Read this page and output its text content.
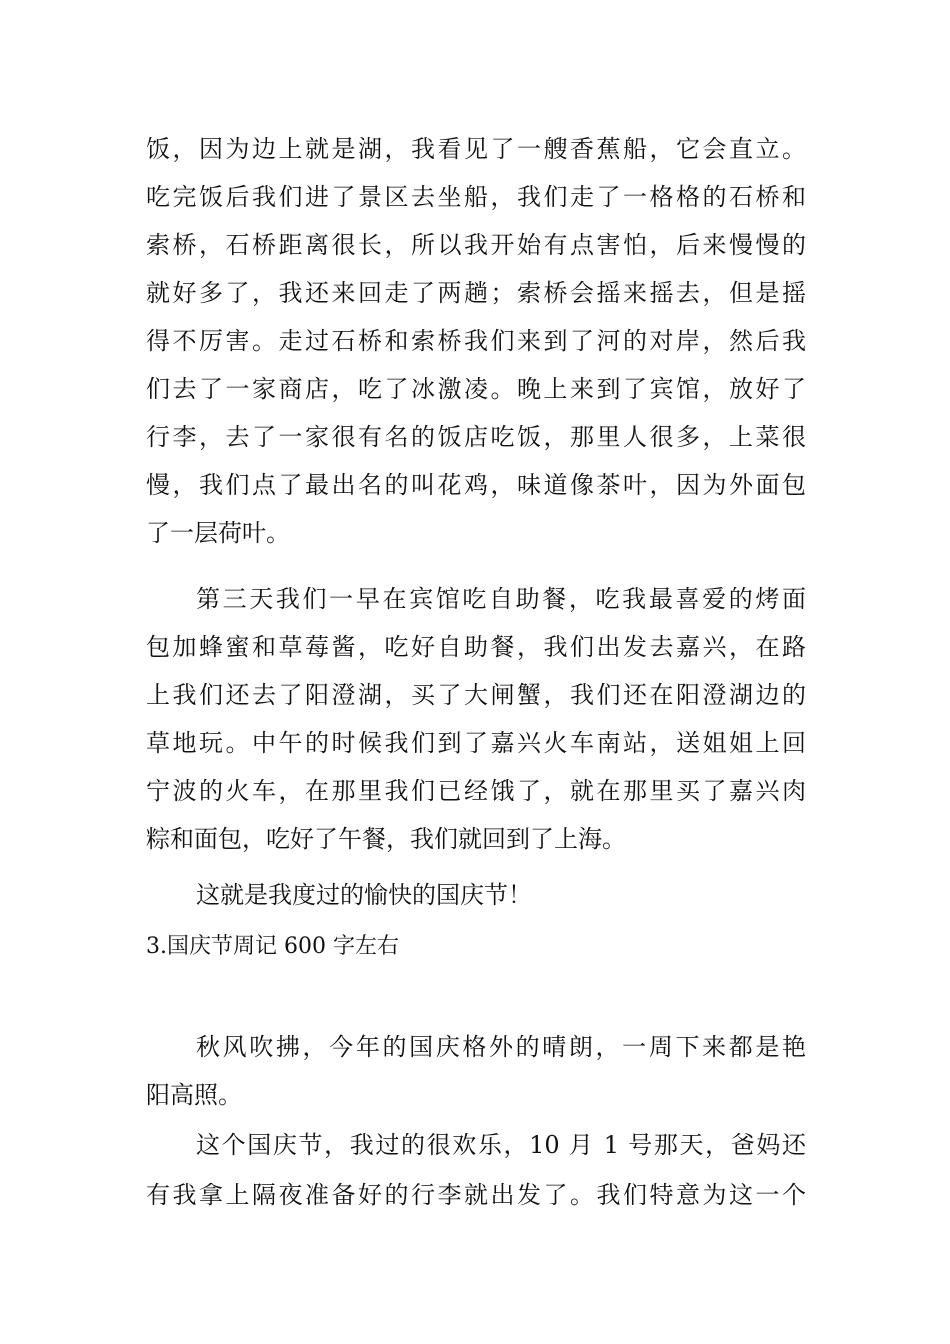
饭，因为边上就是湖，我看见了一艘香蕉船，它会直立。
吃完饭后我们进了景区去坐船，我们走了一格格的石桥和
索桥，石桥距离很长，所以我开始有点害怕，后来慢慢的
就好多了，我还来回走了两趟；索桥会摇来摇去，但是摇
得不厉害。走过石桥和索桥我们来到了河的对岸，然后我
们去了一家商店，吃了冰激凌。晚上来到了宾馆，放好了
行李，去了一家很有名的饭店吃饭，那里人很多，上菜很
慢，我们点了最出名的叫花鸡，味道像茶叶，因为外面包
了一层荷叶。
第三天我们一早在宾馆吃自助餐，吃我最喜爱的烤面
包加蜂蜜和草莓酱，吃好自助餐，我们出发去嘉兴，在路
上我们还去了阳澄湖，买了大闸蟹，我们还在阳澄湖边的
草地玩。中午的时候我们到了嘉兴火车南站，送姐姐上回
宁波的火车，在那里我们已经饿了，就在那里买了嘉兴肉
粽和面包，吃好了午餐，我们就回到了上海。
这就是我度过的愉快的国庆节！
3.国庆节周记 600 字左右
秋风吹拂，今年的国庆格外的晴朗，一周下来都是艳
阳高照。
这个国庆节，我过的很欢乐，10 月 1 号那天，爸妈还
有我拿上隔夜准备好的行李就出发了。我们特意为这一个
